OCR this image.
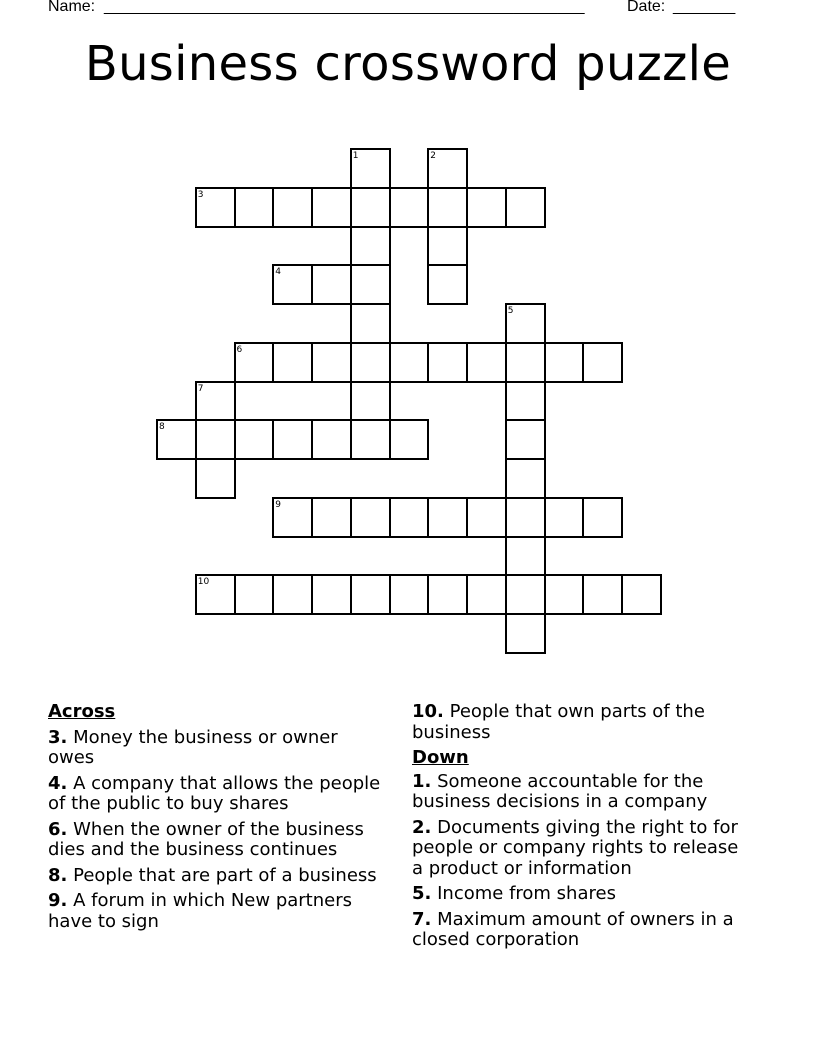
Name: ______________________________________________________	Date: _______
Business crossword puzzle
1	2
3
4
5
6
7
8
9
10
Across
3. Money the business or owner owes
4. A company that allows the people of the public to buy shares
6. When the owner of the business dies and the business continues
8. People that are part of a business
9. A forum in which New partners have to sign
10. People that own parts of the business
Down
1. Someone accountable for the business decisions in a company
2. Documents giving the right to for people or company rights to release a product or information
5. Income from shares
7. Maximum amount of owners in a closed corporation
